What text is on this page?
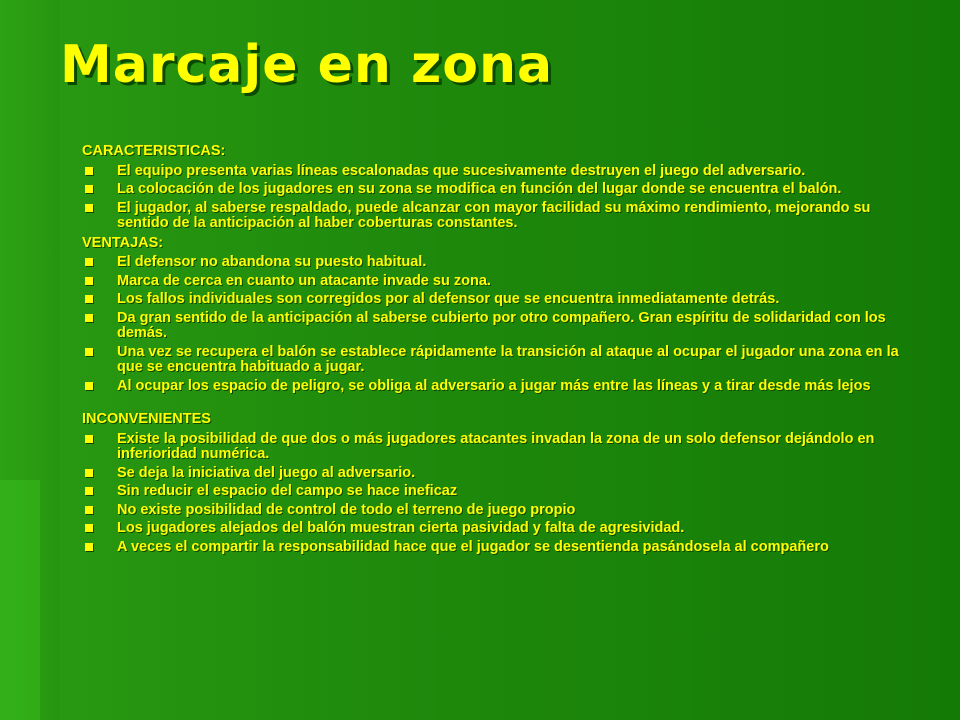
Marcaje en zona
CARACTERISTICAS:
El equipo presenta varias líneas escalonadas que sucesivamente destruyen el juego del adversario.
La colocación de los jugadores en su zona se modifica en función del lugar donde se encuentra el balón.
El jugador, al saberse respaldado, puede alcanzar con mayor facilidad su máximo rendimiento, mejorando su sentido de la anticipación al haber coberturas constantes.
VENTAJAS:
El defensor no abandona su puesto habitual.
Marca de cerca en cuanto un atacante invade su zona.
Los fallos individuales son corregidos por al defensor que se encuentra inmediatamente detrás.
Da gran sentido de la anticipación al saberse cubierto por otro compañero. Gran espíritu de solidaridad con los demás.
Una vez se recupera el balón se establece rápidamente la transición al ataque al ocupar el jugador una zona en la que se encuentra habituado a jugar.
Al ocupar los espacio de peligro, se obliga al adversario a jugar más entre las líneas y a tirar desde más lejos
INCONVENIENTES
Existe la posibilidad de que dos o más jugadores atacantes invadan la zona de un solo defensor dejándolo en inferioridad numérica.
Se deja la iniciativa del juego al adversario.
Sin reducir el espacio del campo se hace ineficaz
No existe posibilidad de control de todo el terreno de juego propio
Los jugadores alejados del balón muestran cierta pasividad y falta de agresividad.
A veces el compartir la responsabilidad hace que el jugador se desentienda pasándosela al compañero
